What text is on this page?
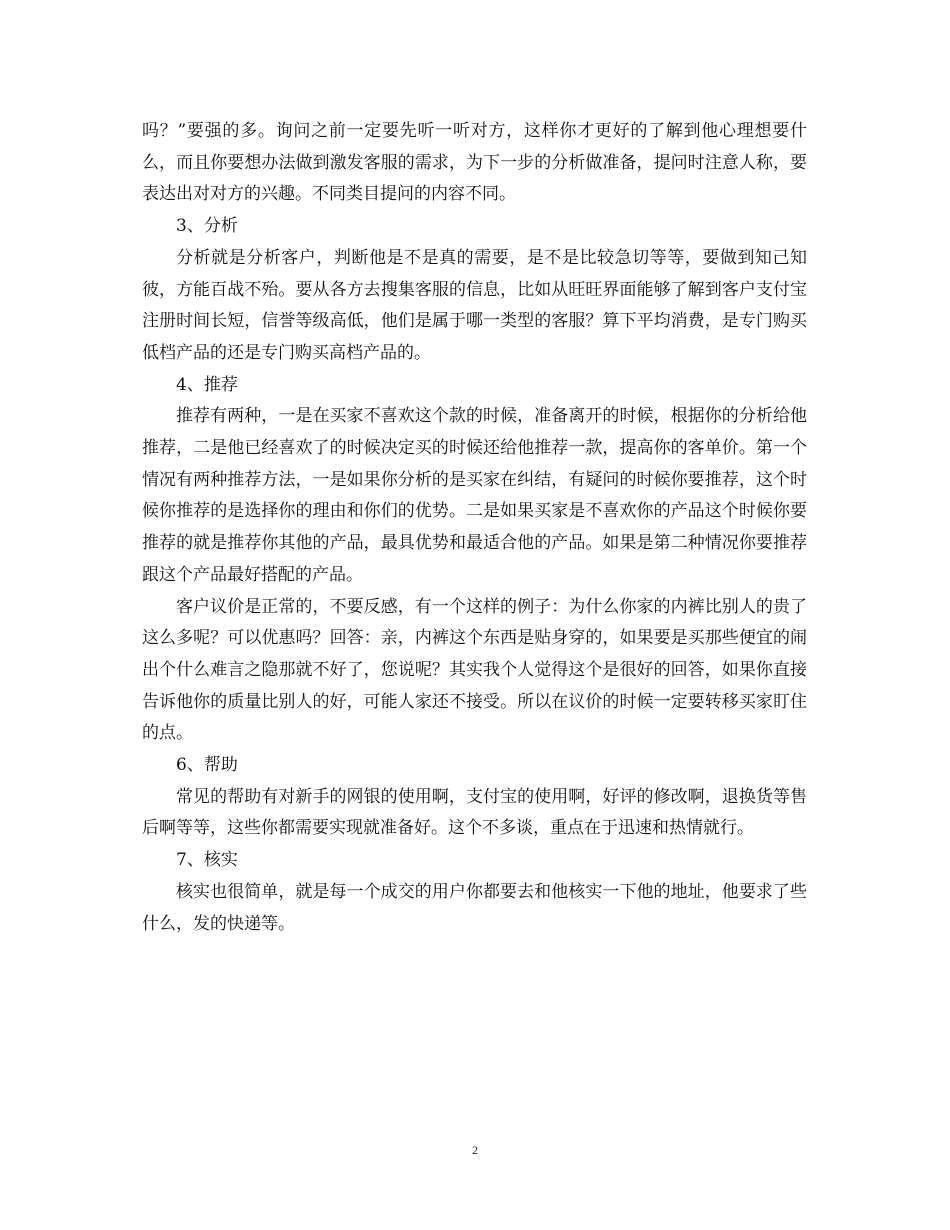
吗？”要强的多。询问之前一定要先听一听对方，这样你才更好的了解到他心理想要什么，而且你要想办法做到激发客服的需求，为下一步的分析做准备，提问时注意人称，要表达出对对方的兴趣。不同类目提问的内容不同。

3、分析

分析就是分析客户，判断他是不是真的需要，是不是比较急切等等，要做到知己知彼，方能百战不殆。要从各方去搜集客服的信息，比如从旺旺界面能够了解到客户支付宝注册时间长短，信誉等级高低，他们是属于哪一类型的客服？算下平均消费，是专门购买低档产品的还是专门购买高档产品的。

4、推荐

推荐有两种，一是在买家不喜欢这个款的时候，准备离开的时候，根据你的分析给他推荐，二是他已经喜欢了的时候决定买的时候还给他推荐一款，提高你的客单价。第一个情况有两种推荐方法，一是如果你分析的是买家在纠结，有疑问的时候你要推荐，这个时候你推荐的是选择你的理由和你们的优势。二是如果买家是不喜欢你的产品这个时候你要推荐的就是推荐你其他的产品，最具优势和最适合他的产品。如果是第二种情况你要推荐跟这个产品最好搭配的产品。

客户议价是正常的，不要反感，有一个这样的例子：为什么你家的内裤比别人的贵了这么多呢？可以优惠吗？回答：亲，内裤这个东西是贴身穿的，如果要是买那些便宜的闹出个什么难言之隐那就不好了，您说呢？其实我个人觉得这个是很好的回答，如果你直接告诉他你的质量比别人的好，可能人家还不接受。所以在议价的时候一定要转移买家盯住的点。

6、帮助

常见的帮助有对新手的网银的使用啊，支付宝的使用啊，好评的修改啊，退换货等售后啊等等，这些你都需要实现就准备好。这个不多谈，重点在于迅速和热情就行。

7、核实

核实也很简单，就是每一个成交的用户你都要去和他核实一下他的地址，他要求了些什么，发的快递等。

2
